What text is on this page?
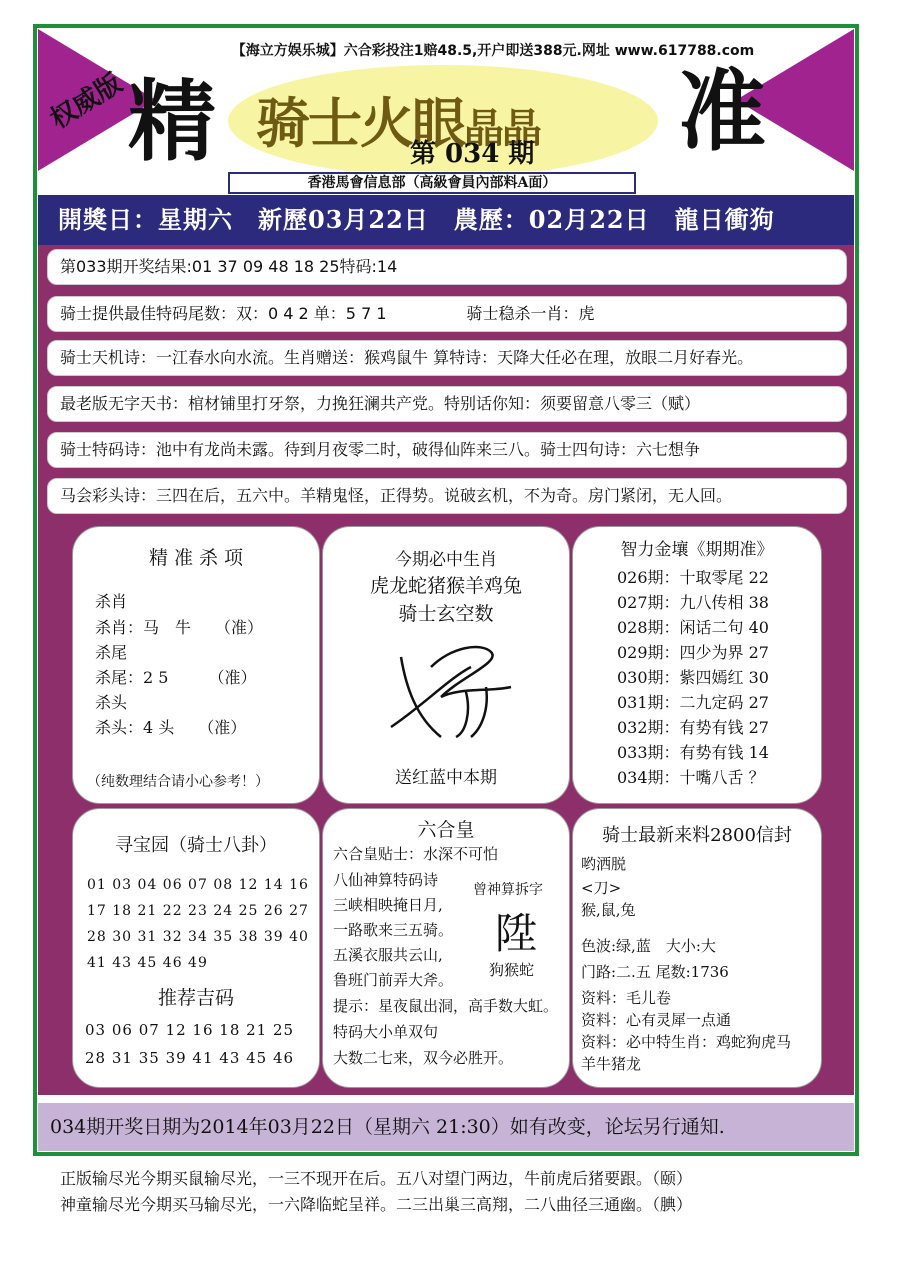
【海立方娱乐城】六合彩投注1赔48.5,开户即送388元.网址 www.617788.com
权威版 精 骑士火眼晶晶
第 034 期 准
香港馬會信息部（高級會員內部料A面）
開獎日：星期六　新歷03月22日　農歷：02月22日　龍日衝狗
第033期开奖结果:01 37 09 48 18 25特码:14
骑士提供最佳特码尾数：双：0 4 2 单：5 7 1　　　　　骑士稳杀一肖：虎
骑士天机诗：一江春水向水流。生肖赠送：猴鸡鼠牛 算特诗：天降大任必在理，放眼二月好春光。
最老版无字天书：棺材铺里打牙祭，力挽狂澜共产党。特别话你知：须要留意八零三（赋）
骑士特码诗：池中有龙尚未露。待到月夜零二时，破得仙阵来三八。骑士四句诗：六七想争
马会彩头诗：三四在后，五六中。羊精鬼怪，正得势。说破玄机，不为奇。房门紧闭，无人回。
精 准 杀 项
杀肖
杀肖：马　牛　　（准）
杀尾
杀尾：2 5　　　（准）
杀头
杀头：4 头　　（准）
（纯数理结合请小心参考！）
今期必中生肖
虎龙蛇猪猴羊鸡兔
骑士玄空数
送红蓝中本期
智力金壤《期期准》
026期：十取零尾 22
027期：九八传相 38
028期：闲话二句 40
029期：四少为界 27
030期：紫四嫣红 30
031期：二九定码 27
032期：有势有钱 27
033期：有势有钱 14
034期：十嘴八舌 ？
寻宝园（骑士八卦）
01 03 04 06 07 08 12 14 16
17 18 21 22 23 24 25 26 27
28 30 31 32 34 35 38 39 40
41 43 45 46 49
推荐吉码
03 06 07 12 16 18 21 25
28 31 35 39 41 43 45 46
六合皇
六合皇贴士：水深不可怕
八仙神算特码诗
三峡相映掩日月,
一路歌来三五骑。
五溪衣服共云山,
鲁班门前弄大斧。
提示：星夜鼠出洞，高手数大虹。
特码大小单双句
大数二七来，双今必胜开。
曾神算拆字
陞
狗猴蛇
骑士最新来料2800信封
哟洒脱
<刀>
猴,鼠,兔
色波:绿,蓝　大小:大
门路:二.五 尾数:1736
资料：毛儿卷
资料：心有灵犀一点通
资料：必中特生肖：鸡蛇狗虎马
羊牛猪龙
034期开奖日期为2014年03月22日（星期六 21:30）如有改变，论坛另行通知.
正版输尽光今期买鼠输尽光，一三不现开在后。五八对望门两边，牛前虎后猪要跟。（颐）
神童输尽光今期买马输尽光，一六降临蛇呈祥。二三出巢三高翔，二八曲径三通幽。（腆）
